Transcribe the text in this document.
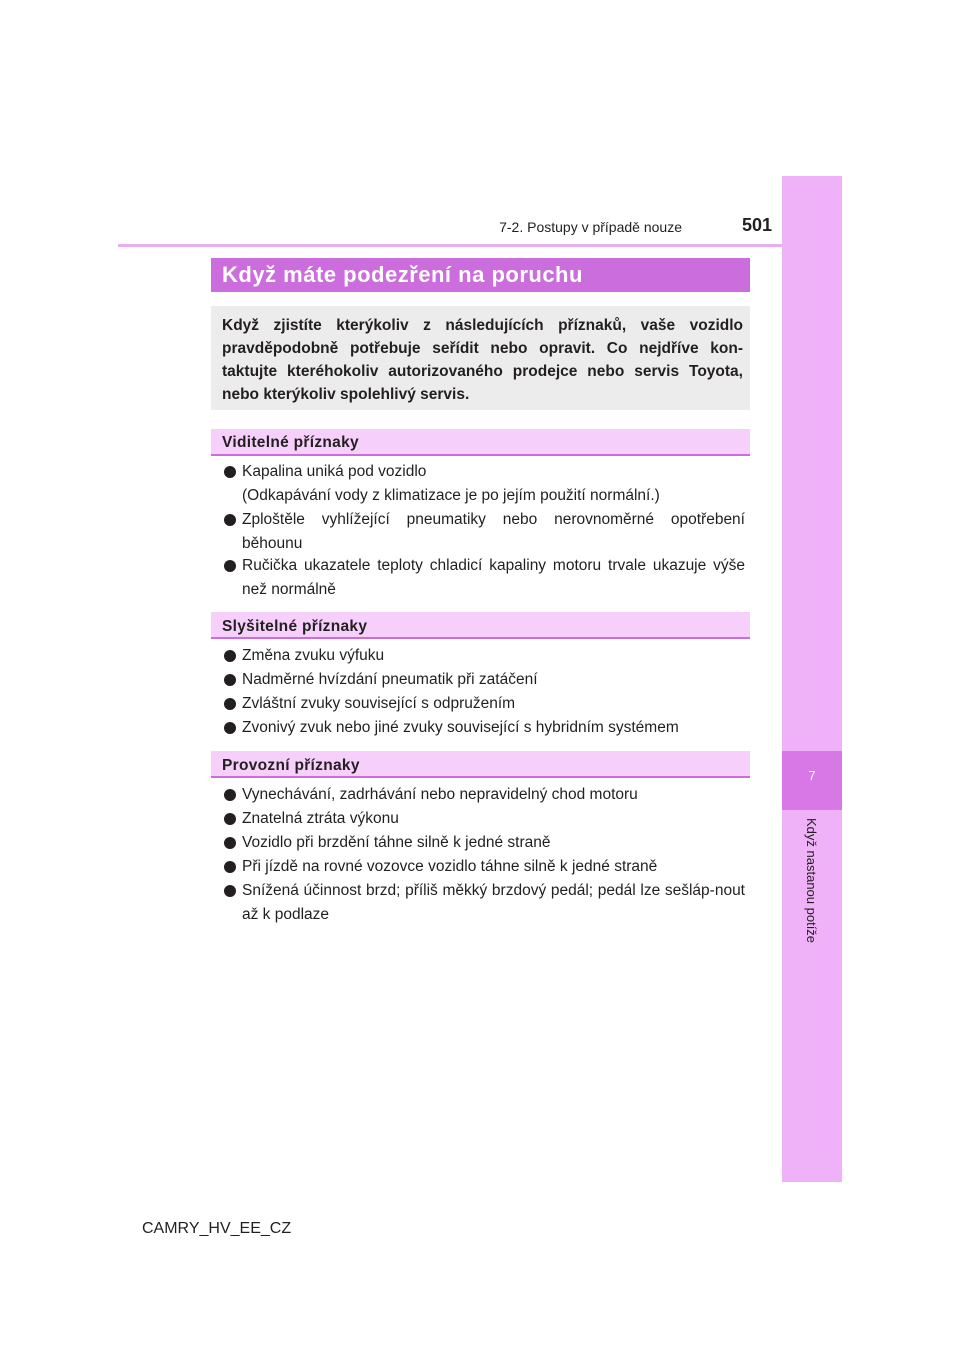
7-2. Postupy v případě nouze	501
7
Když nastanou potíže
Když máte podezření na poruchu
Když zjistíte kterýkoliv z následujících příznaků, vaše vozidlo pravděpodobně potřebuje seřídit nebo opravit. Co nejdříve kon-taktujte kteréhokoliv autorizovaného prodejce nebo servis Toyota, nebo kterýkoliv spolehlivý servis.
Viditelné příznaky
Kapalina uniká pod vozidlo
(Odkapávání vody z klimatizace je po jejím použití normální.)
Zploštěle vyhlížející pneumatiky nebo nerovnoměrné opotřebení běhounu
Ručička ukazatele teploty chladicí kapaliny motoru trvale ukazuje výše než normálně
Slyšitelné příznaky
Změna zvuku výfuku
Nadměrné hvízdání pneumatik při zatáčení
Zvláštní zvuky související s odpružením
Zvonivý zvuk nebo jiné zvuky související s hybridním systémem
Provozní příznaky
Vynechávání, zadrhávání nebo nepravidelný chod motoru
Znatelná ztráta výkonu
Vozidlo při brzdění táhne silně k jedné straně
Při jízdě na rovné vozovce vozidlo táhne silně k jedné straně
Snížená účinnost brzd; příliš měkký brzdový pedál; pedál lze sešláp-nout až k podlaze
CAMRY_HV_EE_CZ
